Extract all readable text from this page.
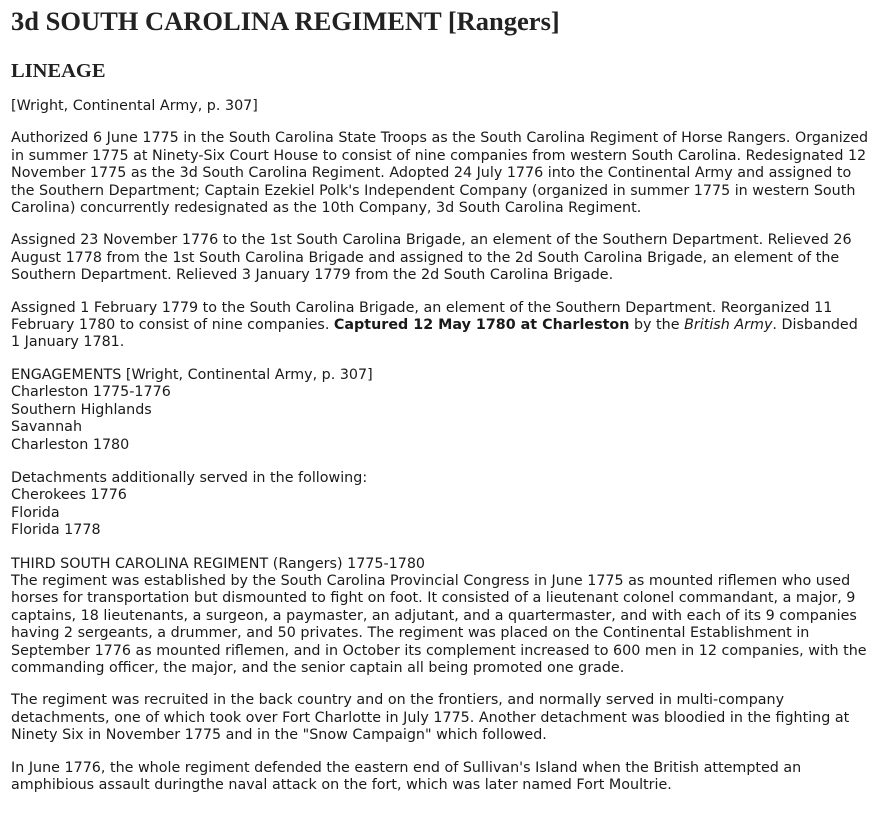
3d SOUTH CAROLINA REGIMENT [Rangers]
LINEAGE

[Wright, Continental Army, p. 307]

Authorized 6 June 1775 in the South Carolina State Troops as the South Carolina Regiment of Horse Rangers. Organized in summer 1775 at Ninety-Six Court House to consist of nine companies from western South Carolina. Redesignated 12 November 1775 as the 3d South Carolina Regiment. Adopted 24 July 1776 into the Continental Army and assigned to the Southern Department; Captain Ezekiel Polk's Independent Company (organized in summer 1775 in western South Carolina) concurrently redesignated as the 10th Company, 3d South Carolina Regiment.

Assigned 23 November 1776 to the 1st South Carolina Brigade, an element of the Southern Department. Relieved 26 August 1778 from the 1st South Carolina Brigade and assigned to the 2d South Carolina Brigade, an element of the Southern Department. Relieved 3 January 1779 from the 2d South Carolina Brigade.

Assigned 1 February 1779 to the South Carolina Brigade, an element of the Southern Department. Reorganized 11 February 1780 to consist of nine companies. Captured 12 May 1780 at Charleston by the British Army. Disbanded 1 January 1781.

ENGAGEMENTS [Wright, Continental Army, p. 307]
Charleston 1775-1776
Southern Highlands
Savannah
Charleston 1780
Detachments additionally served in the following:
Cherokees 1776
Florida
Florida 1778
THIRD SOUTH CAROLINA REGIMENT (Rangers) 1775-1780

The regiment was established by the South Carolina Provincial Congress in June 1775 as mounted riflemen who used horses for transportation but dismounted to fight on foot. It consisted of a lieutenant colonel commandant, a major, 9 captains, 18 lieutenants, a surgeon, a paymaster, an adjutant, and a quartermaster, and with each of its 9 companies having 2 sergeants, a drummer, and 50 privates. The regiment was placed on the Continental Establishment in September 1776 as mounted riflemen, and in October its complement increased to 600 men in 12 companies, with the commanding officer, the major, and the senior captain all being promoted one grade.

The regiment was recruited in the back country and on the frontiers, and normally served in multi-company detachments, one of which took over Fort Charlotte in July 1775. Another detachment was bloodied in the fighting at Ninety Six in November 1775 and in the "Snow Campaign" which followed.

In June 1776, the whole regiment defended the eastern end of Sullivan's Island when the British attempted an amphibious assault duringthe naval attack on the fort, which was later named Fort Moultrie.
